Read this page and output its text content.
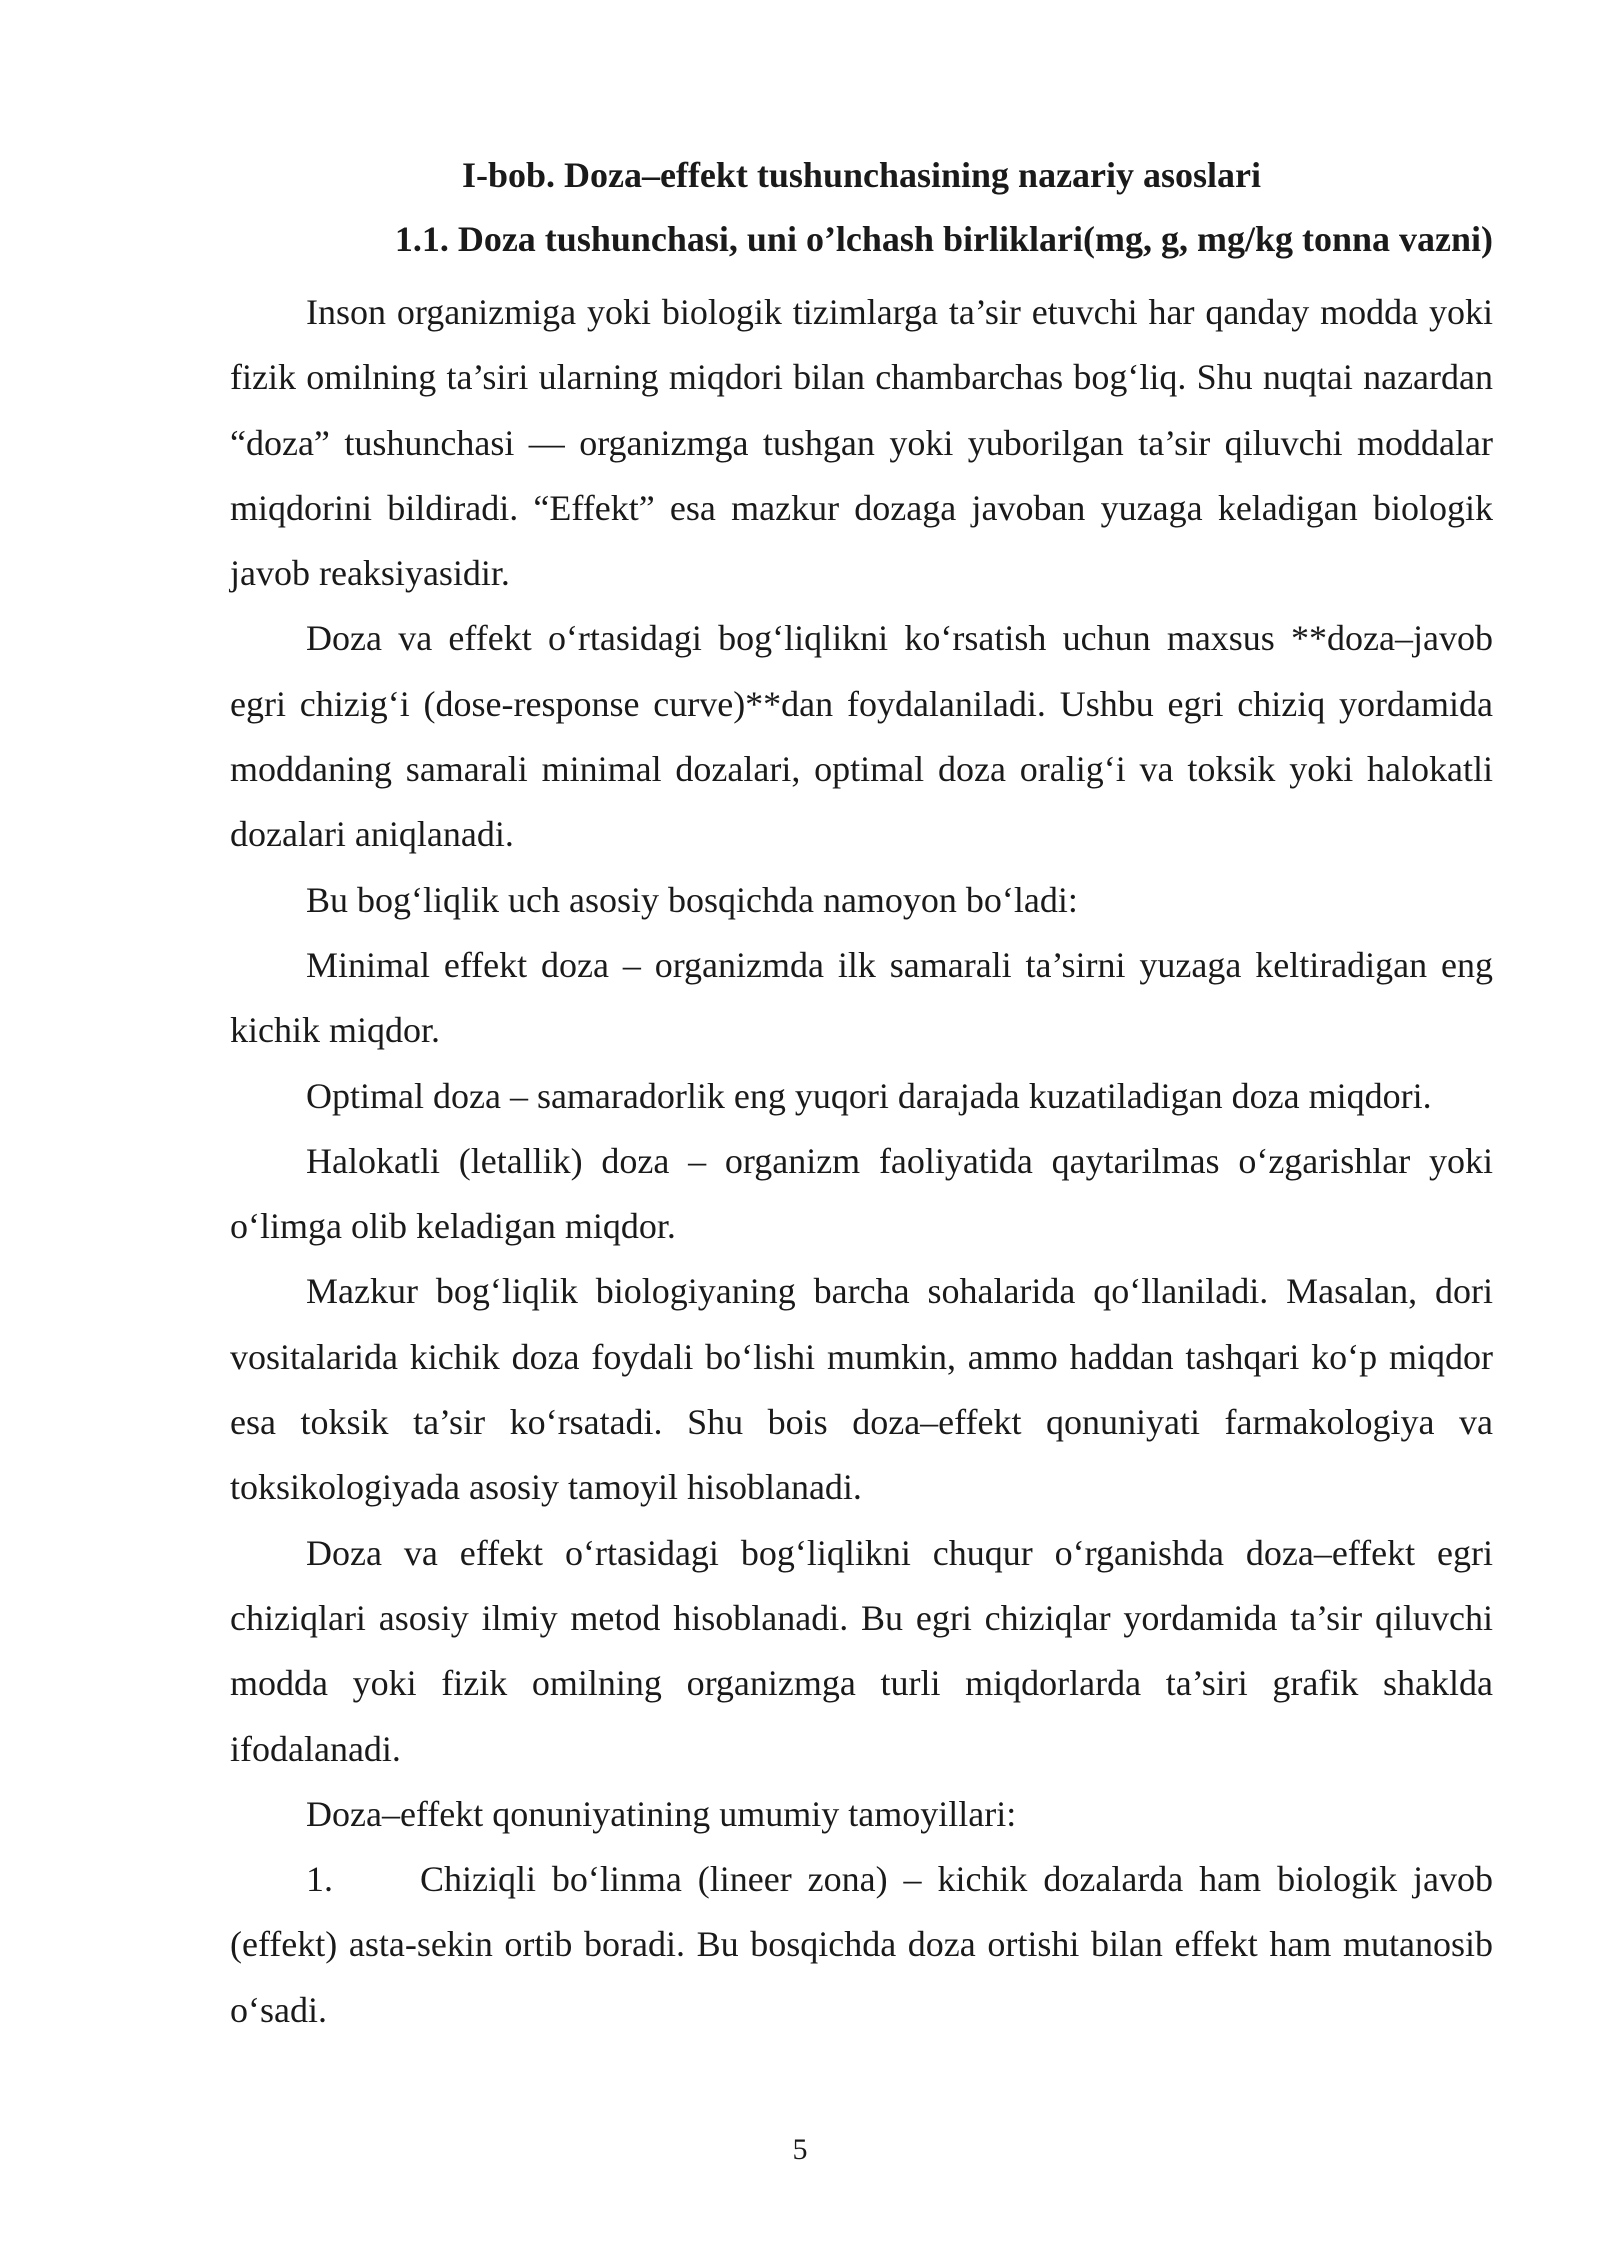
I-bob. Doza–effekt tushunchasining nazariy asoslari
1.1. Doza tushunchasi, uni o’lchash birliklari(mg, g, mg/kg tonna vazni)

Inson organizmiga yoki biologik tizimlarga ta’sir etuvchi har qanday modda yoki fizik omilning ta’siri ularning miqdori bilan chambarchas bog‘liq. Shu nuqtai nazardan “doza” tushunchasi — organizmga tushgan yoki yuborilgan ta’sir qiluvchi moddalar miqdorini bildiradi. “Effekt” esa mazkur dozaga javoban yuzaga keladigan biologik javob reaksiyasidir.

Doza va effekt o‘rtasidagi bog‘liqlikni ko‘rsatish uchun maxsus **doza–javob egri chizig‘i (dose-response curve)**dan foydalaniladi. Ushbu egri chiziq yordamida moddaning samarali minimal dozalari, optimal doza oralig‘i va toksik yoki halokatli dozalari aniqlanadi.

Bu bog‘liqlik uch asosiy bosqichda namoyon bo‘ladi:

Minimal effekt doza – organizmda ilk samarali ta’sirni yuzaga keltiradigan eng kichik miqdor.

Optimal doza – samaradorlik eng yuqori darajada kuzatiladigan doza miqdori.

Halokatli (letallik) doza – organizm faoliyatida qaytarilmas o‘zgarishlar yoki o‘limga olib keladigan miqdor.

Mazkur bog‘liqlik biologiyaning barcha sohalarida qo‘llaniladi. Masalan, dori vositalarida kichik doza foydali bo‘lishi mumkin, ammo haddan tashqari ko‘p miqdor esa toksik ta’sir ko‘rsatadi. Shu bois doza–effekt qonuniyati farmakologiya va toksikologiyada asosiy tamoyil hisoblanadi.

Doza va effekt o‘rtasidagi bog‘liqlikni chuqur o‘rganishda doza–effekt egri chiziqlari asosiy ilmiy metod hisoblanadi. Bu egri chiziqlar yordamida ta’sir qiluvchi modda yoki fizik omilning organizmga turli miqdorlarda ta’siri grafik shaklda ifodalanadi.

Doza–effekt qonuniyatining umumiy tamoyillari:

1. Chiziqli bo‘linma (lineer zona) – kichik dozalarda ham biologik javob (effekt) asta-sekin ortib boradi. Bu bosqichda doza ortishi bilan effekt ham mutanosib o‘sadi.

5
